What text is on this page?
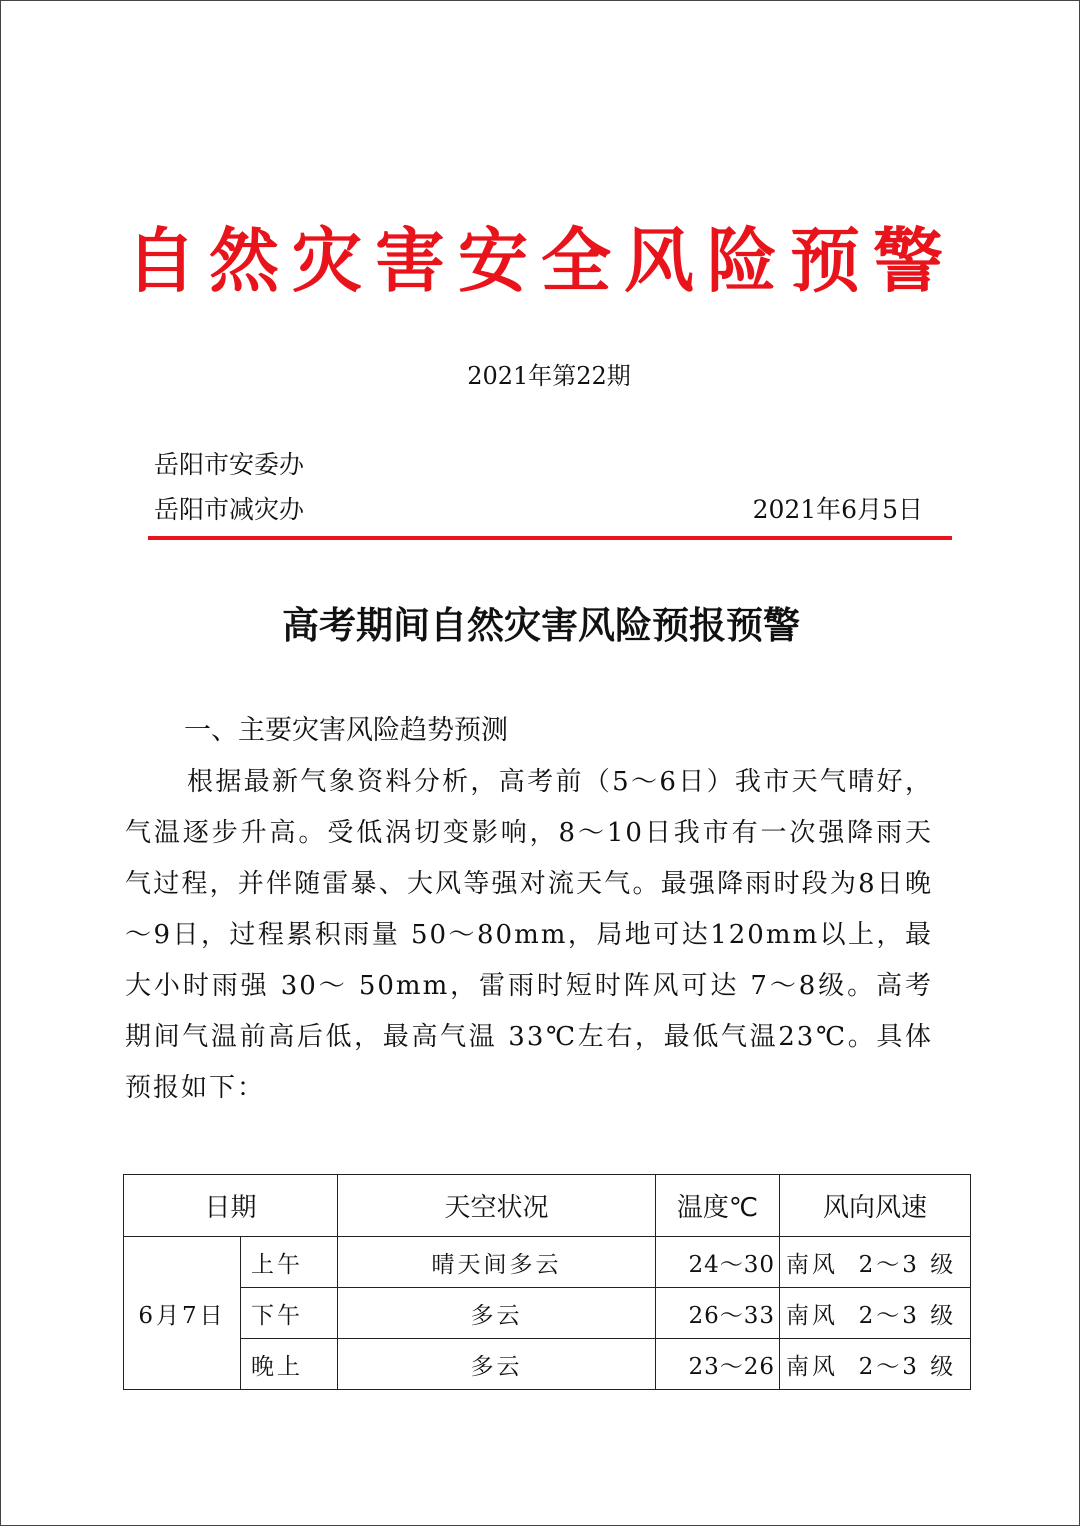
自然灾害安全风险预警
2021年第22期
岳阳市安委办
岳阳市减灾办	2021年6月5日
高考期间自然灾害风险预报预警
一、主要灾害风险趋势预测

根据最新气象资料分析，高考前（5～6日）我市天气晴好，气温逐步升高。受低涡切变影响，8～10日我市有一次强降雨天气过程，并伴随雷暴、大风等强对流天气。最强降雨时段为8日晚～9日，过程累积雨量 50～80mm，局地可达120mm以上，最大小时雨强 30～ 50mm，雷雨时短时阵风可达 7～8级。高考期间气温前高后低，最高气温 33℃左右，最低气温23℃。具体预报如下：

日期		天空状况	温度℃	风向风速
6月7日	上午	晴天间多云	24～30	南风  2～3 级
	下午	多云	26～33	南风  2～3 级
	晚上	多云	23～26	南风  2～3 级
